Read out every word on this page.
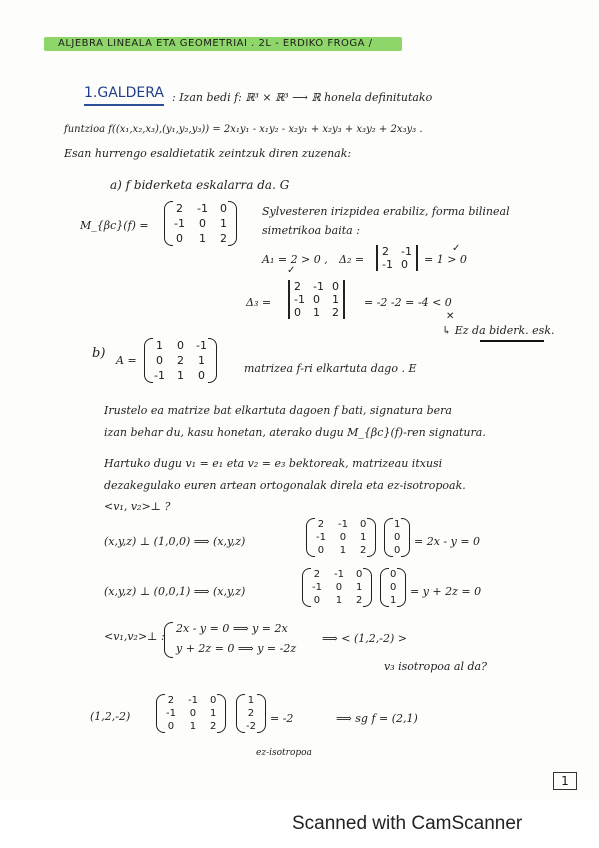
ALJEBRA LINEALA ETA GEOMETRIAI . 2L - ERDIKO FROGA /
1.GALDERA : Izan bedi f: ℝ³ × ℝ³ ⟶ ℝ honela definitutako
funtzioa f((x₁,x₂,x₃),(y₁,y₂,y₃)) = 2x₁y₁ - x₁y₂ - x₂y₁ + x₂y₃ + x₃y₂ + 2x₃y₃ .
Esan hurrengo esaldietatik zeintzuk diren zuzenak:
a) f biderketa eskalarra da. G
M_{βc}(f) =
2	-1	0
-1	0	1
0	1	2
Sylvesteren irizpidea erabiliz, forma bilineal
simetrikoa baita :
A₁ = 2 > 0 ,
✓
Δ₂ =
2	-1
-1	0 = 1 > 0
✓
Δ₃ =
2	-1	0
-1	0	1
0	1	2
= -2 -2 = -4 < 0
✕
↳ Ez da biderk. esk.
b) A =
1	0	-1
0	2	1
-1	1	0
matrizea f-ri elkartuta dago . E
Irustelo ea matrize bat elkartuta dagoen f bati, signatura bera
izan behar du, kasu honetan, aterako dugu M_{βc}(f)-ren signatura.
Hartuko dugu v₁ = e₁ eta v₂ = e₃ bektoreak, matrizeau itxusi
dezakegulako euren artean ortogonalak direla eta ez-isotropoak.
<v₁, v₂>⊥ ?
(x,y,z) ⊥ (1,0,0) ⟹ (x,y,z)
2	-1	0
-1	0	1
0	1	2
1
0
0
= 2x - y = 0
(x,y,z) ⊥ (0,0,1) ⟹ (x,y,z)
2	-1	0
-1	0	1
0	1	2
0
0
1
= y + 2z = 0
<v₁,v₂>⊥ :
2x - y = 0 ⟹ y = 2x
y + 2z = 0 ⟹ y = -2z
⟹ < (1,2,-2) >
v₃ isotropoa al da?
(1,2,-2)
2	-1	0
-1	0	1
0	1	2
1
2
-2
= -2
ez-isotropoa
⟹ sg f = (2,1)
1
Scanned with CamScanner
